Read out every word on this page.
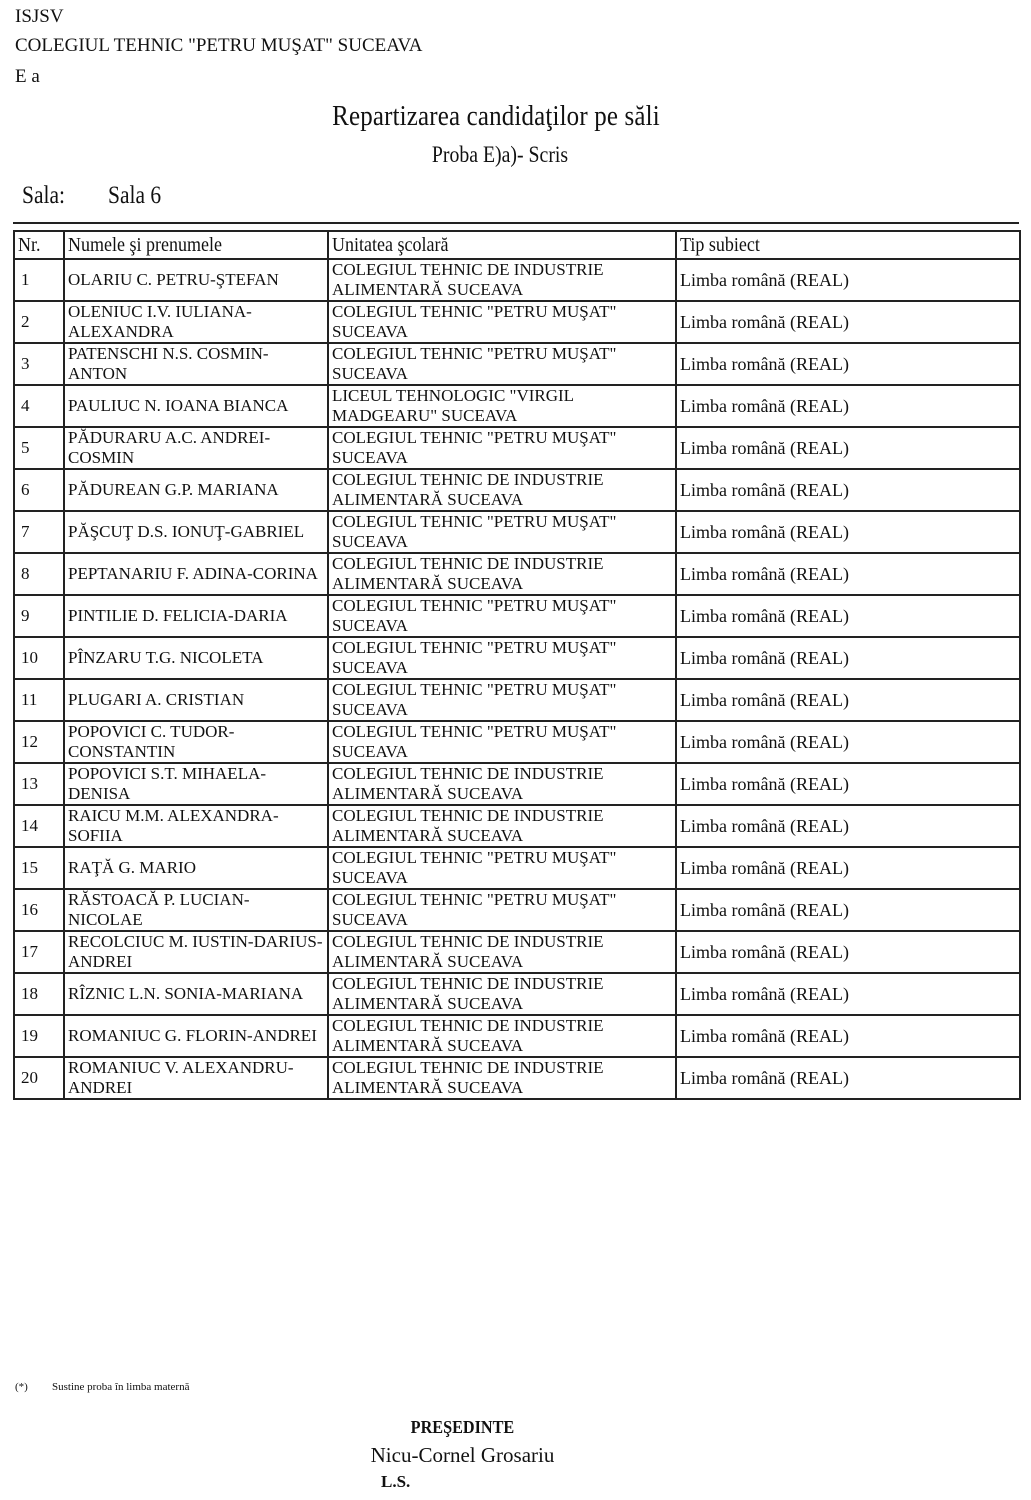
ISJSV
COLEGIUL TEHNIC "PETRU MUŞAT" SUCEAVA
E a
Repartizarea candidaţilor pe săli
Proba E)a)- Scris
Sala: Sala 6
Nr.	Numele şi prenumele	Unitatea şcolară	Tip subiect
1	OLARIU C. PETRU-ŞTEFAN	COLEGIUL TEHNIC DE INDUSTRIE ALIMENTARĂ SUCEAVA	Limba română (REAL)
2	OLENIUC I.V. IULIANA-ALEXANDRA	COLEGIUL TEHNIC "PETRU MUŞAT" SUCEAVA	Limba română (REAL)
3	PATENSCHI N.S. COSMIN-ANTON	COLEGIUL TEHNIC "PETRU MUŞAT" SUCEAVA	Limba română (REAL)
4	PAULIUC N. IOANA BIANCA	LICEUL TEHNOLOGIC "VIRGIL MADGEARU" SUCEAVA	Limba română (REAL)
5	PĂDURARU A.C. ANDREI-COSMIN	COLEGIUL TEHNIC "PETRU MUŞAT" SUCEAVA	Limba română (REAL)
6	PĂDUREAN G.P. MARIANA	COLEGIUL TEHNIC DE INDUSTRIE ALIMENTARĂ SUCEAVA	Limba română (REAL)
7	PĂŞCUŢ D.S. IONUŢ-GABRIEL	COLEGIUL TEHNIC "PETRU MUŞAT" SUCEAVA	Limba română (REAL)
8	PEPTANARIU F. ADINA-CORINA	COLEGIUL TEHNIC DE INDUSTRIE ALIMENTARĂ SUCEAVA	Limba română (REAL)
9	PINTILIE D. FELICIA-DARIA	COLEGIUL TEHNIC "PETRU MUŞAT" SUCEAVA	Limba română (REAL)
10	PÎNZARU T.G. NICOLETA	COLEGIUL TEHNIC "PETRU MUŞAT" SUCEAVA	Limba română (REAL)
11	PLUGARI A. CRISTIAN	COLEGIUL TEHNIC "PETRU MUŞAT" SUCEAVA	Limba română (REAL)
12	POPOVICI C. TUDOR-CONSTANTIN	COLEGIUL TEHNIC "PETRU MUŞAT" SUCEAVA	Limba română (REAL)
13	POPOVICI S.T. MIHAELA-DENISA	COLEGIUL TEHNIC DE INDUSTRIE ALIMENTARĂ SUCEAVA	Limba română (REAL)
14	RAICU M.M. ALEXANDRA-SOFIIA	COLEGIUL TEHNIC DE INDUSTRIE ALIMENTARĂ SUCEAVA	Limba română (REAL)
15	RAŢĂ G. MARIO	COLEGIUL TEHNIC "PETRU MUŞAT" SUCEAVA	Limba română (REAL)
16	RĂSTOACĂ P. LUCIAN-NICOLAE	COLEGIUL TEHNIC "PETRU MUŞAT" SUCEAVA	Limba română (REAL)
17	RECOLCIUC M. IUSTIN-DARIUS-ANDREI	COLEGIUL TEHNIC DE INDUSTRIE ALIMENTARĂ SUCEAVA	Limba română (REAL)
18	RÎZNIC L.N. SONIA-MARIANA	COLEGIUL TEHNIC DE INDUSTRIE ALIMENTARĂ SUCEAVA	Limba română (REAL)
19	ROMANIUC G. FLORIN-ANDREI	COLEGIUL TEHNIC DE INDUSTRIE ALIMENTARĂ SUCEAVA	Limba română (REAL)
20	ROMANIUC V. ALEXANDRU-ANDREI	COLEGIUL TEHNIC DE INDUSTRIE ALIMENTARĂ SUCEAVA	Limba română (REAL)
(*) Sustine proba în limba maternă
PREŞEDINTE
Nicu-Cornel Grosariu
L.S.
